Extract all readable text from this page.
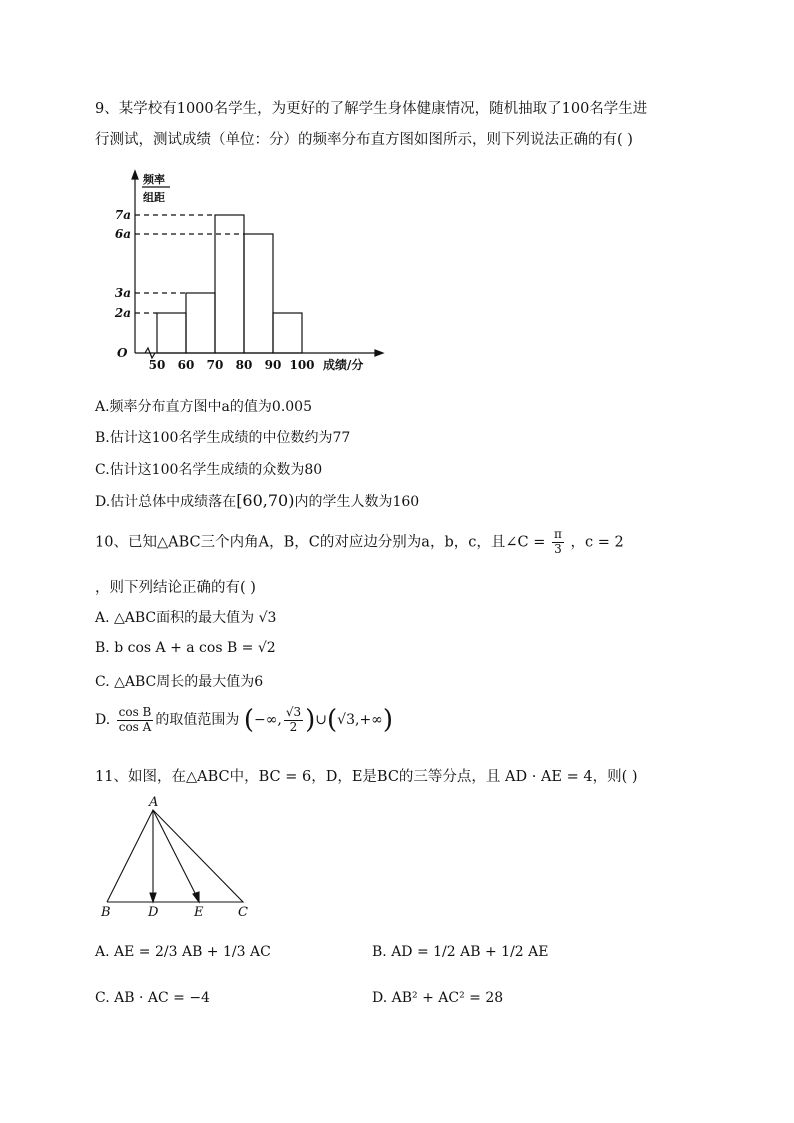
9、某学校有1000名学生，为更好的了解学生身体健康情况，随机抽取了100名学生进
行测试，测试成绩（单位：分）的频率分布直方图如图所示，则下列说法正确的有( )
50 60 70 80 90 100
2a
3a
6a
7a
O
频率
组距
成绩/分
A.频率分布直方图中a的值为0.005
B.估计这100名学生成绩的中位数约为77
C.估计这100名学生成绩的众数为80
D.估计总体中成绩落在[60,70)内的学生人数为160
10、已知△ABC三个内角A，B，C的对应边分别为a，b，c，且∠C = $\frac{\pi}{3}$ ，c = 2
，则下列结论正确的有( )
A. △ABC面积的最大值为 √3
B. b cos A + a cos B = √2
C. △ABC周长的最大值为6
D. $\frac{\text{cos B}}{\text{cos A}}$ 的取值范围为 (−∞, $\frac{√3}{2}$ )∪(√3,+∞)
11、如图，在△ABC中，BC = 6，D，E是BC的三等分点，且 AD · AE = 4，则( )
A
B	D	E	C
A. AE = 2/3 AB + 1/3 AC	B. AD = 1/2 AB + 1/2 AE
C. AB · AC = −4	D. AB² + AC² = 28
